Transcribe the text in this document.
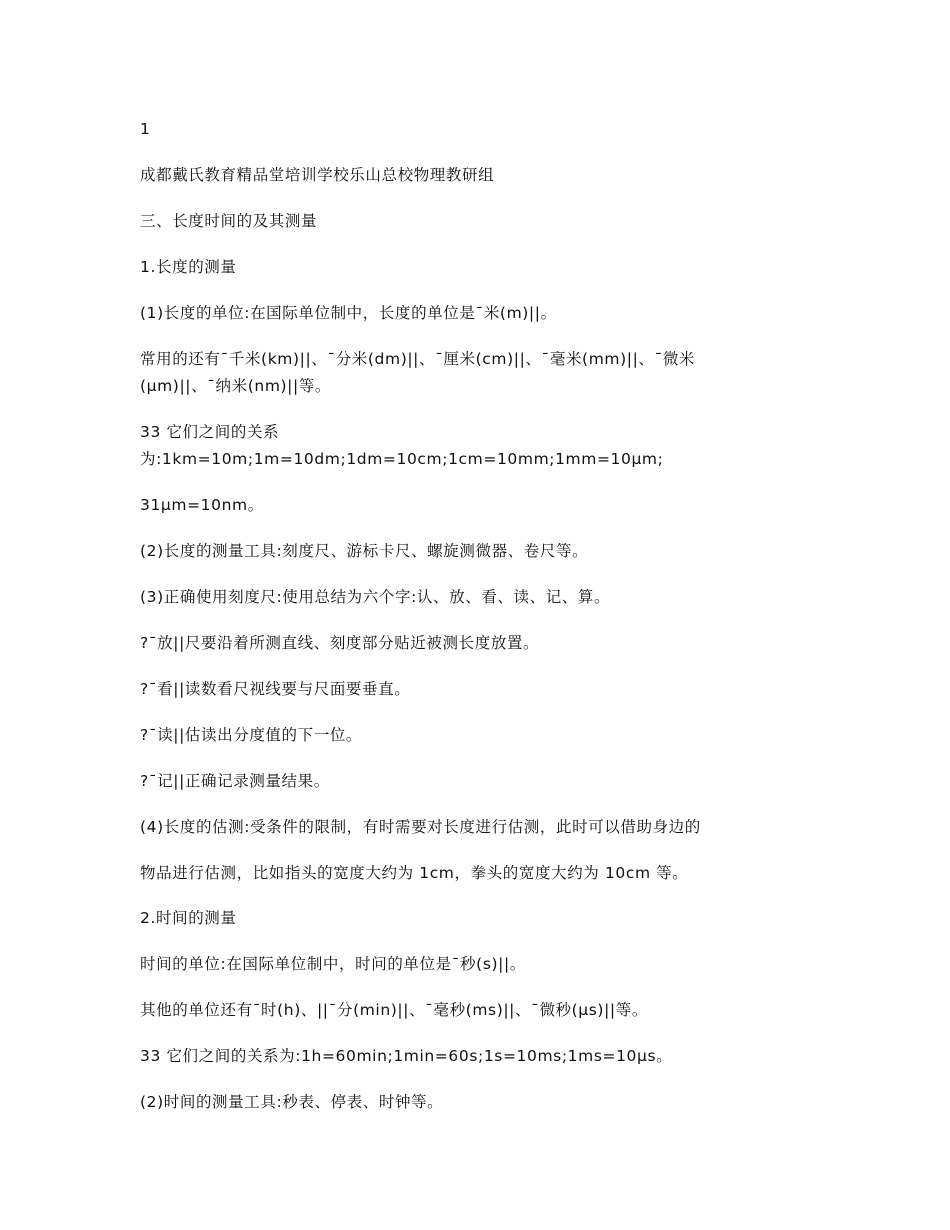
1
成都戴氏教育精品堂培训学校乐山总校物理教研组
三、长度时间的及其测量
1.长度的测量
(1)长度的单位:在国际单位制中，长度的单位是¯米(m)||。
常用的还有¯千米(km)||、¯分米(dm)||、¯厘米(cm)||、¯毫米(mm)||、¯微米
(μm)||、¯纳米(nm)||等。
33 它们之间的关系
为:1km=10m;1m=10dm;1dm=10cm;1cm=10mm;1mm=10μm;
31μm=10nm。
(2)长度的测量工具:刻度尺、游标卡尺、螺旋测微器、卷尺等。
(3)正确使用刻度尺:使用总结为六个字:认、放、看、读、记、算。
?¯放||尺要沿着所测直线、刻度部分贴近被测长度放置。
?¯看||读数看尺视线要与尺面要垂直。
?¯读||估读出分度值的下一位。
?¯记||正确记录测量结果。
(4)长度的估测:受条件的限制，有时需要对长度进行估测，此时可以借助身边的
物品进行估测，比如指头的宽度大约为 1cm，拳头的宽度大约为 10cm 等。
2.时间的测量
时间的单位:在国际单位制中，时问的单位是¯秒(s)||。
其他的单位还有¯时(h)、||¯分(min)||、¯毫秒(ms)||、¯微秒(μs)||等。
33 它们之间的关系为:1h=60min;1min=60s;1s=10ms;1ms=10μs。
(2)时间的测量工具:秒表、停表、时钟等。
